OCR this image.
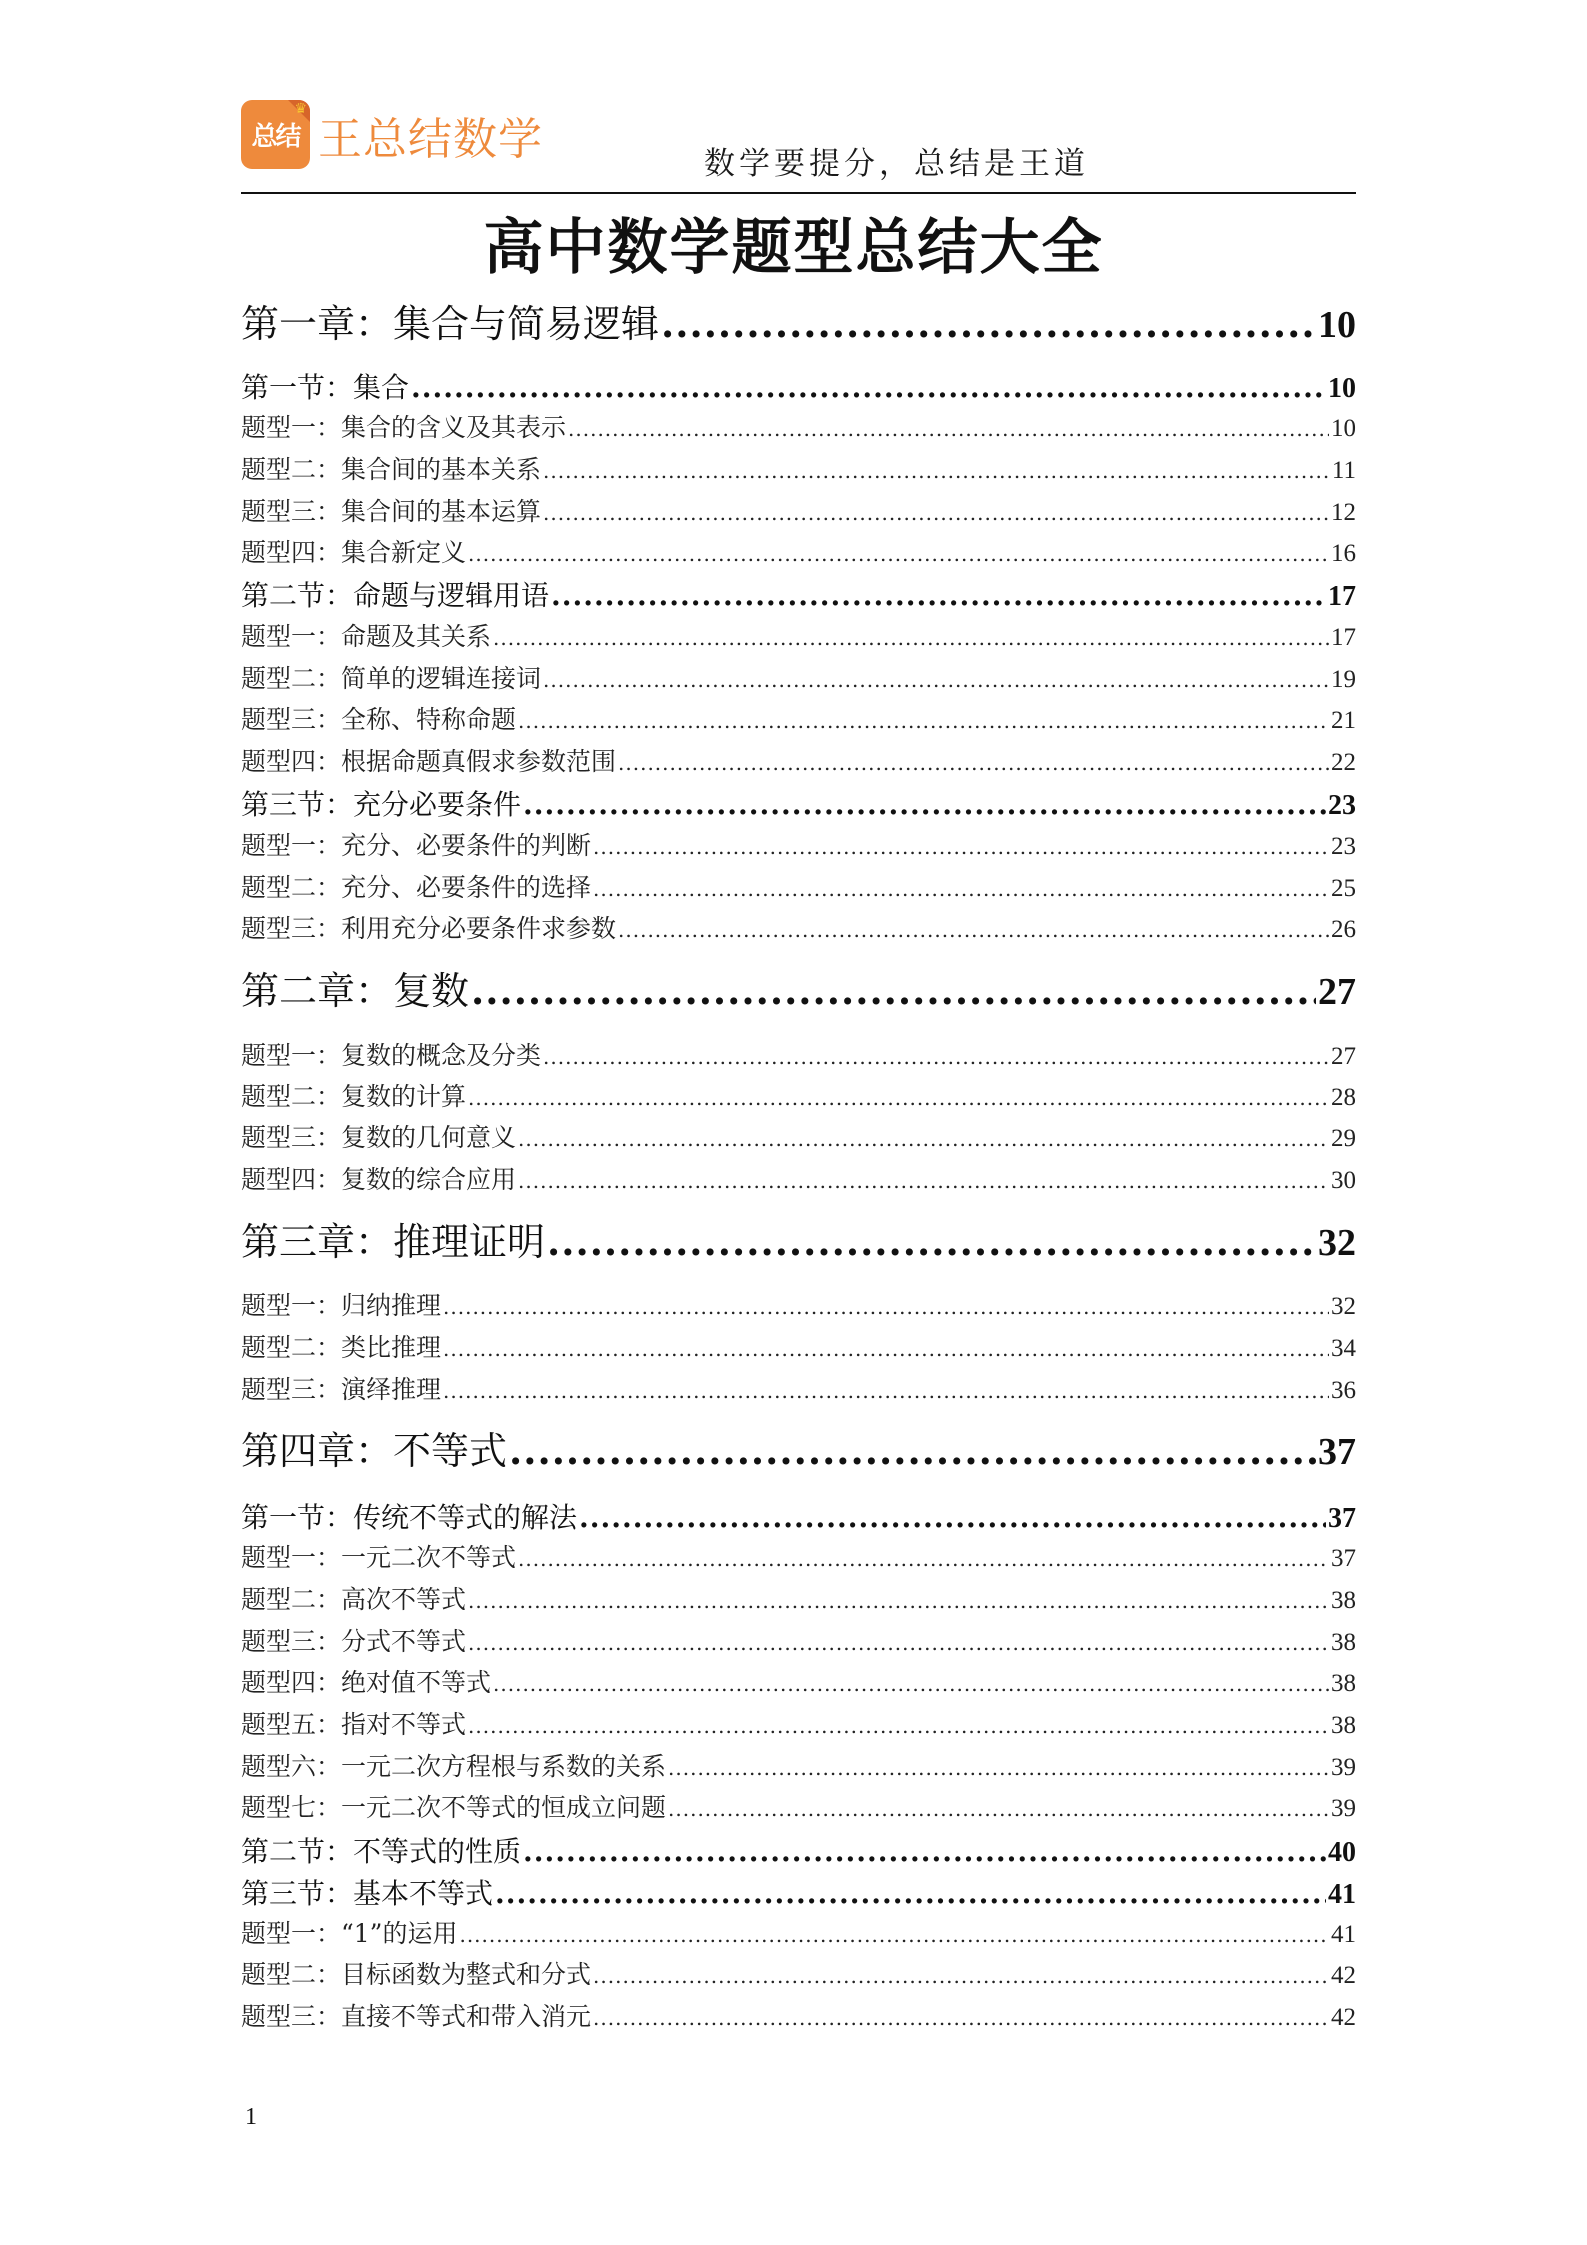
♛
总结 王总结数学	数学要提分，总结是王道
高中数学题型总结大全
第一章：集合与简易逻辑 .....	10
第一节：集合 .....	10
题型一：集合的含义及其表示 .....	10
题型二：集合间的基本关系 .....	11
题型三：集合间的基本运算 .....	12
题型四：集合新定义 .....	16
第二节：命题与逻辑用语 .....	17
题型一：命题及其关系 .....	17
题型二：简单的逻辑连接词 .....	19
题型三：全称、特称命题 .....	21
题型四：根据命题真假求参数范围 .....	22
第三节：充分必要条件 .....	23
题型一：充分、必要条件的判断 .....	23
题型二：充分、必要条件的选择 .....	25
题型三：利用充分必要条件求参数 .....	26
第二章：复数 .....	27
题型一：复数的概念及分类 .....	27
题型二：复数的计算 .....	28
题型三：复数的几何意义 .....	29
题型四：复数的综合应用 .....	30
第三章：推理证明 .....	32
题型一：归纳推理 .....	32
题型二：类比推理 .....	34
题型三：演绎推理 .....	36
第四章：不等式 .....	37
第一节：传统不等式的解法 .....	37
题型一：一元二次不等式 .....	37
题型二：高次不等式 .....	38
题型三：分式不等式 .....	38
题型四：绝对值不等式 .....	38
题型五：指对不等式 .....	38
题型六：一元二次方程根与系数的关系 .....	39
题型七：一元二次不等式的恒成立问题 .....	39
第二节：不等式的性质 .....	40
第三节：基本不等式 .....	41
题型一：“1”的运用 .....	41
题型二：目标函数为整式和分式 .....	42
题型三：直接不等式和带入消元 .....	42
1
